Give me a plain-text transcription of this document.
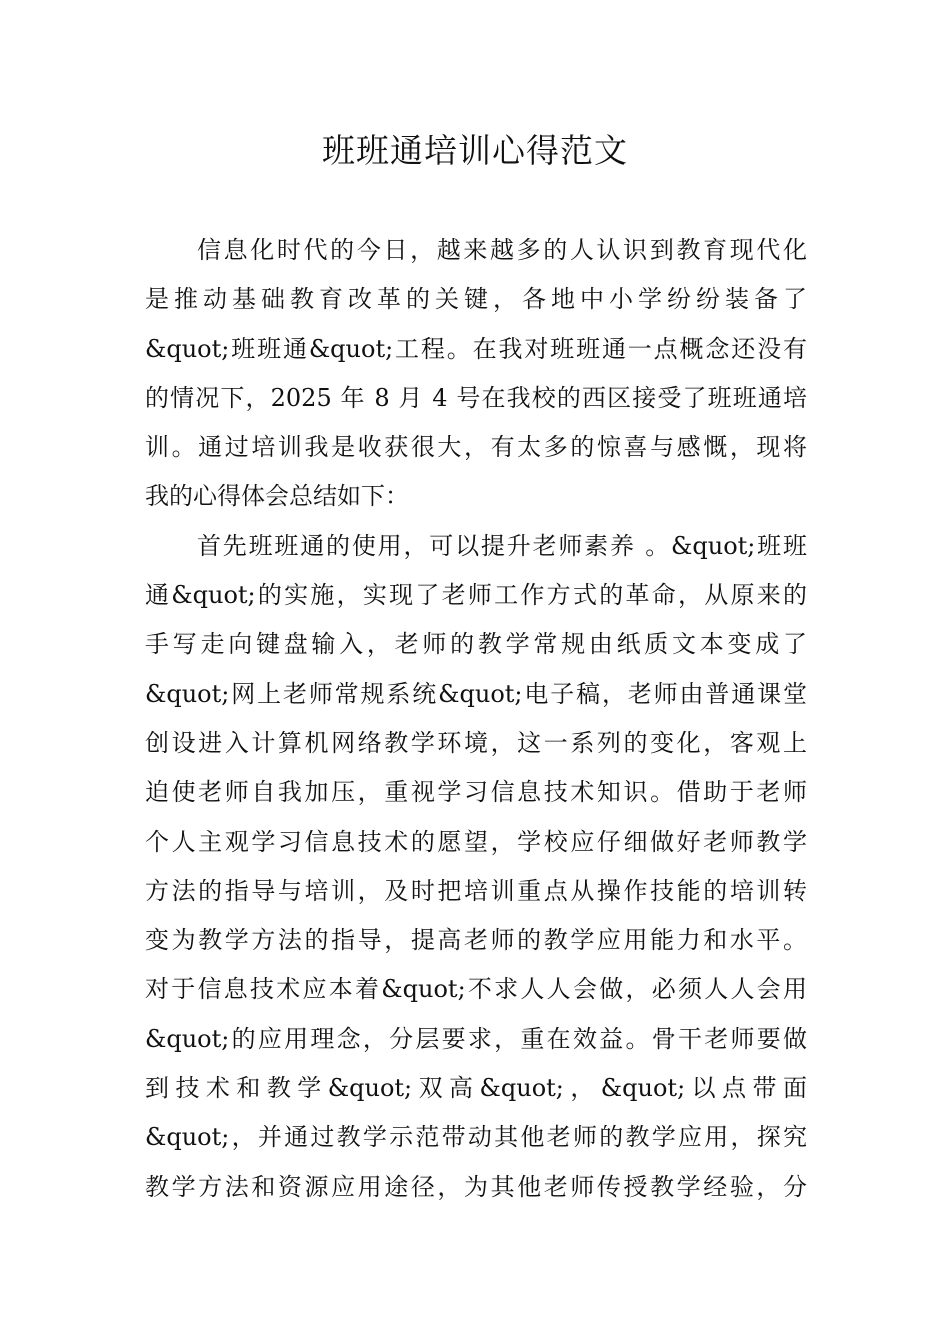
班班通培训心得范文
信息化时代的今日，越来越多的人认识到教育现代化
是推动基础教育改革的关键，各地中小学纷纷装备了
&quot;班班通&quot;工程。在我对班班通一点概念还没有
的情况下，2025 年 8 月 4 号在我校的西区接受了班班通培
训。通过培训我是收获很大，有太多的惊喜与感慨，现将
我的心得体会总结如下：
首先班班通的使用，可以提升老师素养 。&quot;班班
通&quot;的实施，实现了老师工作方式的革命，从原来的
手写走向键盘输入，老师的教学常规由纸质文本变成了
&quot;网上老师常规系统&quot;电子稿，老师由普通课堂
创设进入计算机网络教学环境，这一系列的变化，客观上
迫使老师自我加压，重视学习信息技术知识。借助于老师
个人主观学习信息技术的愿望，学校应仔细做好老师教学
方法的指导与培训，及时把培训重点从操作技能的培训转
变为教学方法的指导，提高老师的教学应用能力和水平。
对于信息技术应本着&quot;不求人人会做，必须人人会用
&quot;的应用理念，分层要求，重在效益。骨干老师要做
到技术和教学&quot;双高&quot;，&quot;以点带面
&quot;，并通过教学示范带动其他老师的教学应用，探究
教学方法和资源应用途径，为其他老师传授教学经验，分
